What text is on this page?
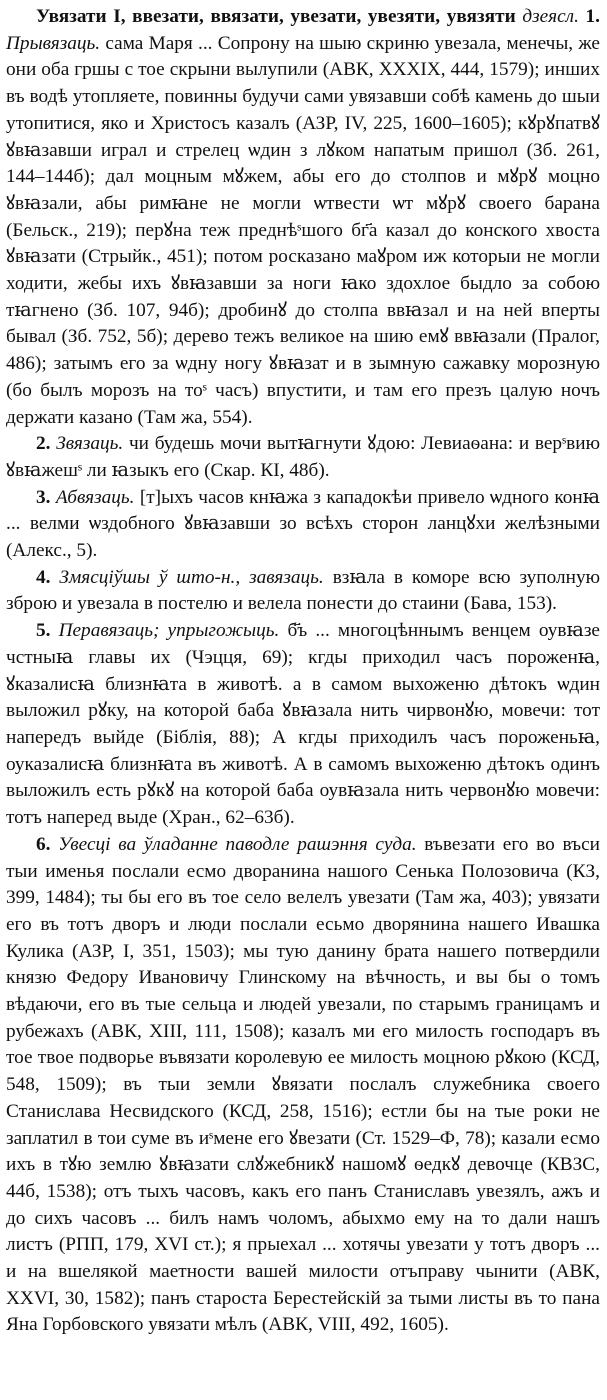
Увязати I, ввезати, ввязати, увезати, увезяти, увязяти дзеясл. 1. Прывязаць. сама Маря ... Сопрону на шыю скриню увезала, менечы, же они оба гршы с тое скрыни вылупили (АВК, XXXIX, 444, 1579); инших въ водѣ утопляете, повинны будучи сами увязавши собѣ камень до шыи утопитися, яко и Христосъ казалъ (АЗР, IV, 225, 1600–1605); кꙋрꙋпатвꙋ ꙋвꙗзавши играл и стрелец ѡдин з лꙋком напатым пришол (Зб. 261, 144–144б); дал моцным мꙋжем, абы его до столпов и мꙋрꙋ моцно ꙋвꙗзали, абы римꙗне не могли ѡтвести ѡт мꙋрꙋ своего барана (Бельск., 219); перꙋна теж преднѣˢшого бг҃а казал до конского хвоста ꙋвꙗзати (Стрыйк., 451); потом росказано маꙋром иж которыи не могли ходити, жебы ихъ ꙋвꙗзавши за ноги ꙗко здохлое быдло за собою тꙗгнено (Зб. 107, 94б); дробинꙋ до столпа ввꙗзал и на ней вперты бывал (Зб. 752, 5б); дерево тежъ великое на шию емꙋ ввꙗзали (Пралог, 486); затымъ его за ѡдну ногу ꙋвꙗзат и в зымную сажавку морозную (бо былъ морозъ на тоˢ часъ) впустити, и там его презъ цалую ночъ держати казано (Там жа, 554).

2. Звязаць. чи будешь мочи вытꙗгнути ꙋдою: Левиаѳана: и верˢвию ꙋвꙗжешˢ ли ꙗзыкъ его (Скар. КІ, 48б).

3. Абвязаць. [т]ыхъ часов кнꙗжа з кападокѣи привело ѡдного конꙗ ... велми ѡздобного ꙋвꙗзавши зо всѣхъ сторон ланцꙋхи желѣзными (Алекс., 5).

4. Змясціўшы ў што-н., завязаць. взꙗла в коморе всю зуполную зброю и увезала в постелю и велела понести до стаини (Бава, 153).

5. Перавязаць; упрыгожыць. б҃ъ ... многоцѣннымъ венцем оувꙗзе чстныꙗ главы их (Чэцця, 69); кгды приходил часъ пороженꙗ, ꙋказалисꙗ близнꙗта в животѣ. а в самом выхоженю дѣтокъ ѡдин выложил рꙋку, на которой баба ꙋвꙗзала нить чирвонꙋю, мовечи: тот напередъ выйде (Біблія, 88); А кгды приходилъ часъ пороженьꙗ, оуказалисꙗ близнꙗта въ животѣ. А в самомъ выхоженю дѣтокъ одинъ выложилъ есть рꙋкꙋ на которой баба оувꙗзала нить червонꙋю мовечи: тотъ наперед выде (Хран., 62–63б).

6. Увесці ва ўладанне паводле рашэння суда. въвезати его во въси тыи именья послали есмо дворанина нашого Сенька Полозовича (КЗ, 399, 1484); ты бы его въ тое село велелъ увезати (Там жа, 403); увязати его въ тотъ дворъ и люди послали есьмо дворянина нашего Ивашка Кулика (АЗР, I, 351, 1503); мы тую данину брата нашего потвердили князю Федору Ивановичу Глинскому на вѣчность, и вы бы о томъ вѣдаючи, его въ тые сельца и людей увезали, по старымъ границамъ и рубежахъ (АВК, XIII, 111, 1508); казалъ ми его милость господаръ въ тое твое подворье въвязати королевую ее милость моцною рꙋкою (КСД, 548, 1509); въ тыи земли ꙋвязати послалъ служебника своего Станислава Несвидского (КСД, 258, 1516); естли бы на тые роки не заплатил в тои суме въ иˢмене его ꙋвезати (Ст. 1529–Ф, 78); казали есмо ихъ в тꙋю землю ꙋвꙗзати слꙋжебникꙋ нашомꙋ ѳедкꙋ девочце (КВЗС, 44б, 1538); отъ тыхъ часовъ, какъ его панъ Станиславъ увезялъ, ажъ и до сихъ часовъ ... билъ намъ чоломъ, абыхмо ему на то дали нашъ листъ (РПП, 179, XVI ст.); я прыехал ... хотячы увезати у тотъ дворъ ... и на вшелякой маетности вашей милости отъправу чынити (АВК, XXVI, 30, 1582); панъ староста Берестейскій за тыми листы въ то пана Яна Горбовского увязати мѣлъ (АВК, VIII, 492, 1605).
